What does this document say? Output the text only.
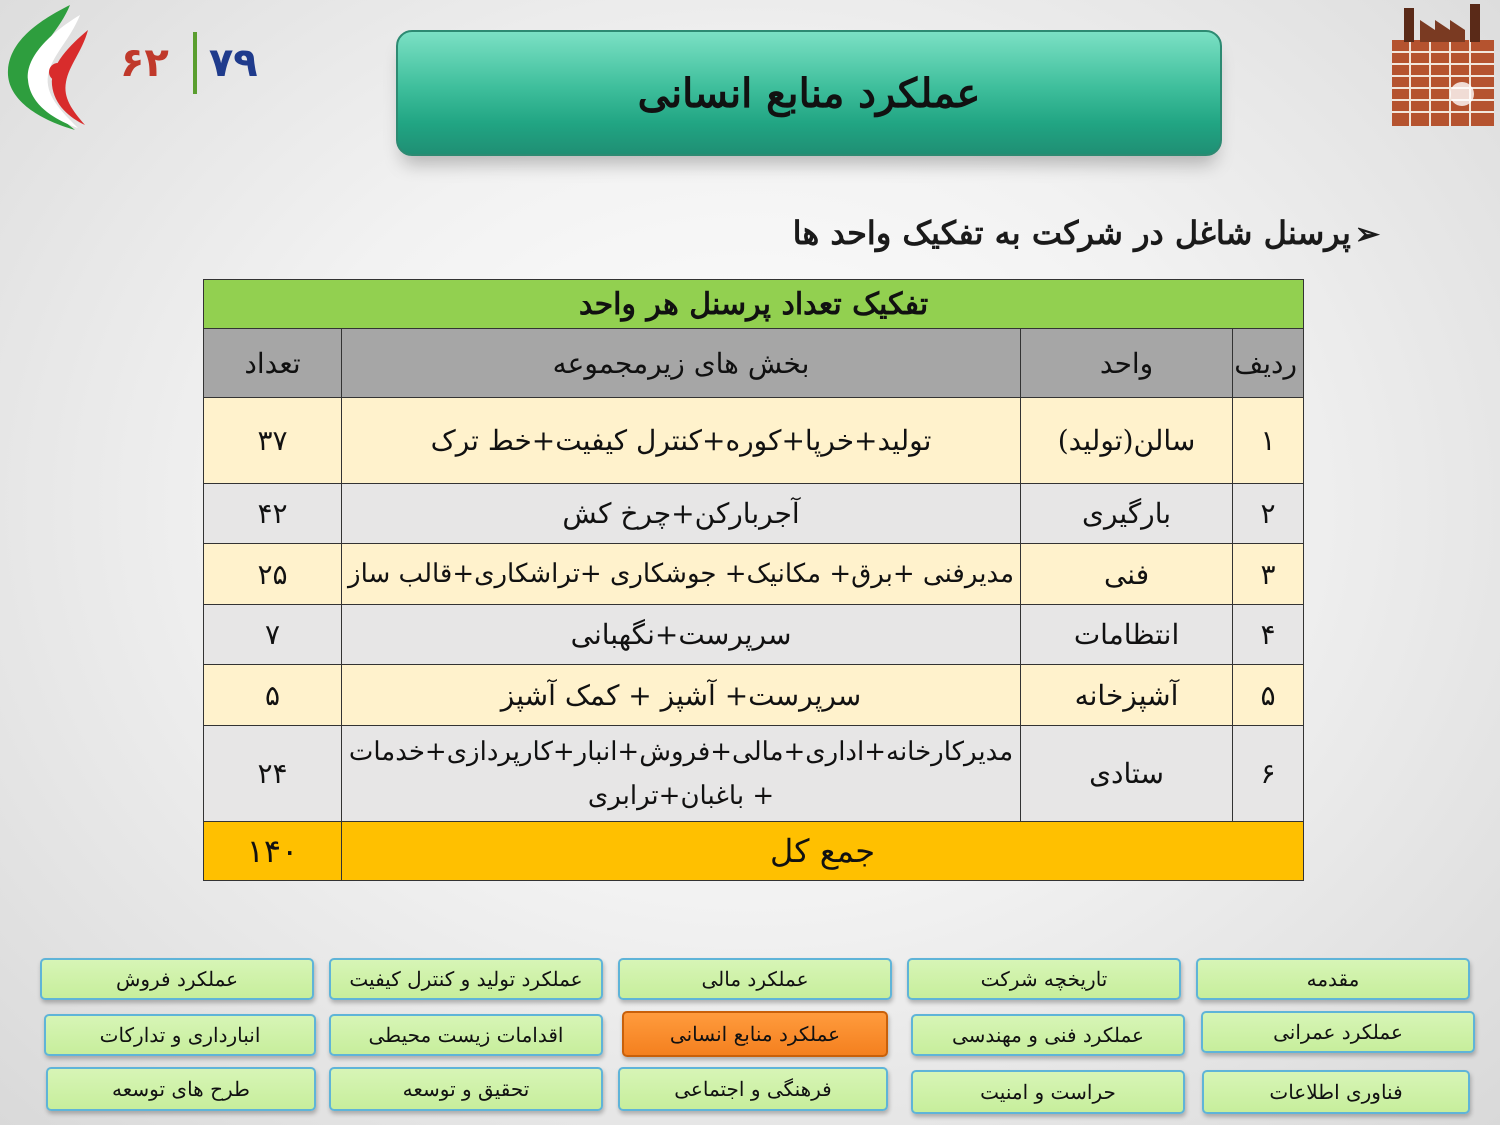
۶۲ ۷۹
عملکرد منابع انسانی
➢پرسنل شاغل در شرکت به تفکیک واحد ها
تفکیک تعداد پرسنل هر واحد			
ردیف	واحد	بخش های زیرمجموعه	تعداد
۱	سالن(تولید)	تولید+خرپا+کوره+کنترل کیفیت+خط ترک	۳۷
۲	بارگیری	آجربارکن+چرخ کش	۴۲
۳	فنی	مدیرفنی +برق+ مکانیک+ جوشکاری +تراشکاری+قالب ساز	۲۵
۴	انتظامات	سرپرست+نگهبانی	۷
۵	آشپزخانه	سرپرست+ آشپز + کمک آشپز	۵
۶	ستادی	مدیرکارخانه+اداری+مالی+فروش+انبار+کارپردازی+خدمات + باغبان+ترابری	۲۴
جمع کل			۱۴۰
مقدمه
تاریخچه شرکت
عملکرد مالی
عملکرد تولید و کنترل کیفیت
عملکرد فروش
عملکرد عمرانی
عملکرد فنی و مهندسی
عملکرد منابع انسانی
اقدامات زیست محیطی
انبارداری و تدارکات
فناوری اطلاعات
حراست و امنیت
فرهنگی و اجتماعی
تحقیق و توسعه
طرح های توسعه
